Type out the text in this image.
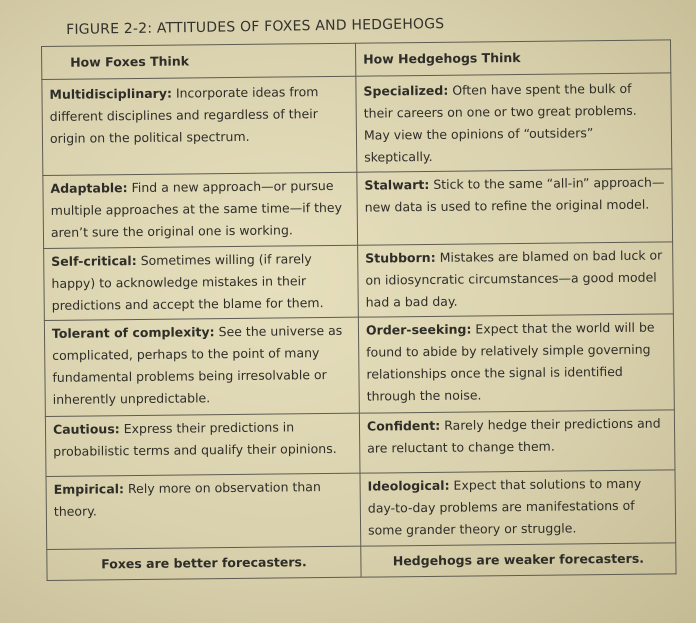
FIGURE 2-2: ATTITUDES OF FOXES AND HEDGEHOGS
How Foxes Think	How Hedgehogs Think
Multidisciplinary: Incorporate ideas from different disciplines and regardless of their origin on the political spectrum.	Specialized: Often have spent the bulk of their careers on one or two great problems. May view the opinions of “outsiders” skeptically.
Adaptable: Find a new approach—or pursue multiple approaches at the same time—if they aren’t sure the original one is working.	Stalwart: Stick to the same “all-in” approach—new data is used to refine the original model.
Self-critical: Sometimes willing (if rarely happy) to acknowledge mistakes in their predictions and accept the blame for them.	Stubborn: Mistakes are blamed on bad luck or on idiosyncratic circumstances—a good model had a bad day.
Tolerant of complexity: See the universe as complicated, perhaps to the point of many fundamental problems being irresolvable or inherently unpredictable.	Order-seeking: Expect that the world will be found to abide by relatively simple governing relationships once the signal is identified through the noise.
Cautious: Express their predictions in probabilistic terms and qualify their opinions.	Confident: Rarely hedge their predictions and are reluctant to change them.
Empirical: Rely more on observation than theory.	Ideological: Expect that solutions to many day-to-day problems are manifestations of some grander theory or struggle.
Foxes are better forecasters.	Hedgehogs are weaker forecasters.
